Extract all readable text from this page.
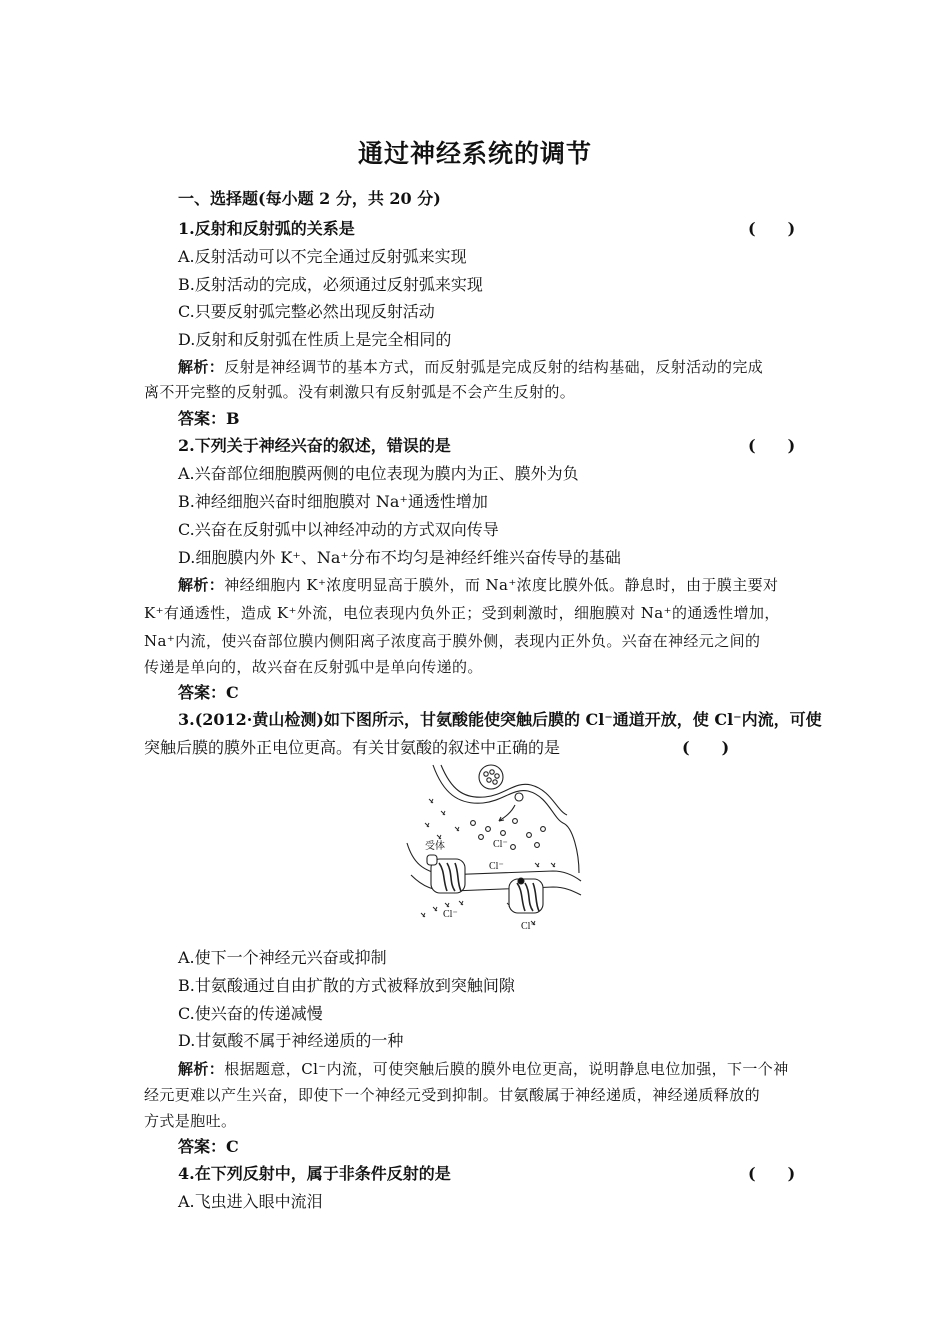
通过神经系统的调节
一、选择题(每小题 2 分，共 20 分)
1.反射和反射弧的关系是	(　　)
A.反射活动可以不完全通过反射弧来实现
B.反射活动的完成，必须通过反射弧来实现
C.只要反射弧完整必然出现反射活动
D.反射和反射弧在性质上是完全相同的
解析：反射是神经调节的基本方式，而反射弧是完成反射的结构基础，反射活动的完成
离不开完整的反射弧。没有刺激只有反射弧是不会产生反射的。
答案：B
2.下列关于神经兴奋的叙述，错误的是	(　　)
A.兴奋部位细胞膜两侧的电位表现为膜内为正、膜外为负
B.神经细胞兴奋时细胞膜对 Na⁺通透性增加
C.兴奋在反射弧中以神经冲动的方式双向传导
D.细胞膜内外 K⁺、Na⁺分布不均匀是神经纤维兴奋传导的基础
解析：神经细胞内 K⁺浓度明显高于膜外，而 Na⁺浓度比膜外低。静息时，由于膜主要对
K⁺有通透性，造成 K⁺外流，电位表现内负外正；受到刺激时，细胞膜对 Na⁺的通透性增加，
Na⁺内流，使兴奋部位膜内侧阳离子浓度高于膜外侧，表现内正外负。兴奋在神经元之间的
传递是单向的，故兴奋在反射弧中是单向传递的。
答案：C
3.(2012·黄山检测)如下图所示，甘氨酸能使突触后膜的 Cl⁻通道开放，使 Cl⁻内流，可使
突触后膜的膜外正电位更高。有关甘氨酸的叙述中正确的是	(　　)
受体	Cl⁻
Cl⁻
Cl⁻
Cl⁻
A.使下一个神经元兴奋或抑制
B.甘氨酸通过自由扩散的方式被释放到突触间隙
C.使兴奋的传递减慢
D.甘氨酸不属于神经递质的一种
解析：根据题意，Cl⁻内流，可使突触后膜的膜外电位更高，说明静息电位加强，下一个神
经元更难以产生兴奋，即使下一个神经元受到抑制。甘氨酸属于神经递质，神经递质释放的
方式是胞吐。
答案：C
4.在下列反射中，属于非条件反射的是	(　　)
A.飞虫进入眼中流泪
